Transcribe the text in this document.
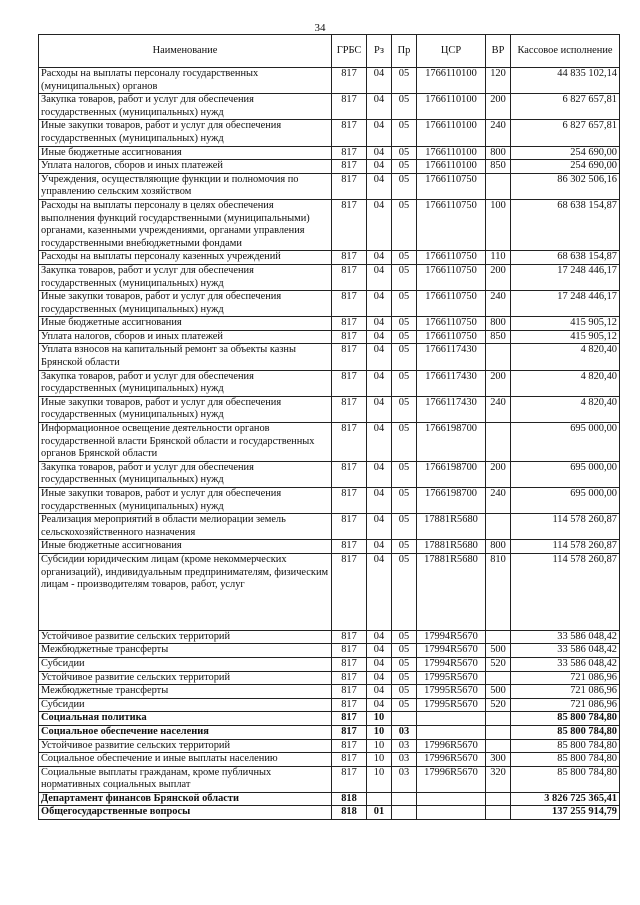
34
Наименование	ГРБС	Рз	Пр	ЦСР	ВР	Кассовое исполнение
Расходы на выплаты персоналу государственных (муниципальных) органов	817	04	05	1766110100	120	44 835 102,14
Закупка товаров, работ и услуг для обеспечения государственных (муниципальных) нужд	817	04	05	1766110100	200	6 827 657,81
Иные закупки товаров, работ и услуг для обеспечения государственных (муниципальных) нужд	817	04	05	1766110100	240	6 827 657,81
Иные бюджетные ассигнования	817	04	05	1766110100	800	254 690,00
Уплата налогов, сборов и иных платежей	817	04	05	1766110100	850	254 690,00
Учреждения, осуществляющие функции и полномочия по управлению сельским хозяйством	817	04	05	1766110750		86 302 506,16
Расходы на выплаты персоналу в целях обеспечения выполнения функций государственными (муниципальными) органами, казенными учреждениями, органами управления государственными внебюджетными фондами	817	04	05	1766110750	100	68 638 154,87
Расходы на выплаты персоналу казенных учреждений	817	04	05	1766110750	110	68 638 154,87
Закупка товаров, работ и услуг для обеспечения государственных (муниципальных) нужд	817	04	05	1766110750	200	17 248 446,17
Иные закупки товаров, работ и услуг для обеспечения государственных (муниципальных) нужд	817	04	05	1766110750	240	17 248 446,17
Иные бюджетные ассигнования	817	04	05	1766110750	800	415 905,12
Уплата налогов, сборов и иных платежей	817	04	05	1766110750	850	415 905,12
Уплата взносов на капитальный ремонт за объекты казны Брянской области	817	04	05	1766117430		4 820,40
Закупка товаров, работ и услуг для обеспечения государственных (муниципальных) нужд	817	04	05	1766117430	200	4 820,40
Иные закупки товаров, работ и услуг для обеспечения государственных (муниципальных) нужд	817	04	05	1766117430	240	4 820,40
Информационное освещение деятельности органов государственной власти Брянской области и государственных органов Брянской области	817	04	05	1766198700		695 000,00
Закупка товаров, работ и услуг для обеспечения государственных (муниципальных) нужд	817	04	05	1766198700	200	695 000,00
Иные закупки товаров, работ и услуг для обеспечения государственных (муниципальных) нужд	817	04	05	1766198700	240	695 000,00
Реализация мероприятий в области мелиорации земель сельскохозяйственного назначения	817	04	05	17881R5680		114 578 260,87
Иные бюджетные ассигнования	817	04	05	17881R5680	800	114 578 260,87
Субсидии юридическим лицам (кроме некоммерческих организаций), индивидуальным предпринимателям, физическим лицам - производителям товаров, работ, услуг	817	04	05	17881R5680	810	114 578 260,87
Устойчивое развитие сельских территорий	817	04	05	17994R5670		33 586 048,42
Межбюджетные трансферты	817	04	05	17994R5670	500	33 586 048,42
Субсидии	817	04	05	17994R5670	520	33 586 048,42
Устойчивое развитие сельских территорий	817	04	05	17995R5670		721 086,96
Межбюджетные трансферты	817	04	05	17995R5670	500	721 086,96
Субсидии	817	04	05	17995R5670	520	721 086,96
Социальная политика	817	10				85 800 784,80
Социальное обеспечение населения	817	10	03			85 800 784,80
Устойчивое развитие сельских территорий	817	10	03	17996R5670		85 800 784,80
Социальное обеспечение и иные выплаты населению	817	10	03	17996R5670	300	85 800 784,80
Социальные выплаты гражданам, кроме публичных нормативных социальных выплат	817	10	03	17996R5670	320	85 800 784,80
Департамент финансов Брянской области	818					3 826 725 365,41
Общегосударственные вопросы	818	01				137 255 914,79
